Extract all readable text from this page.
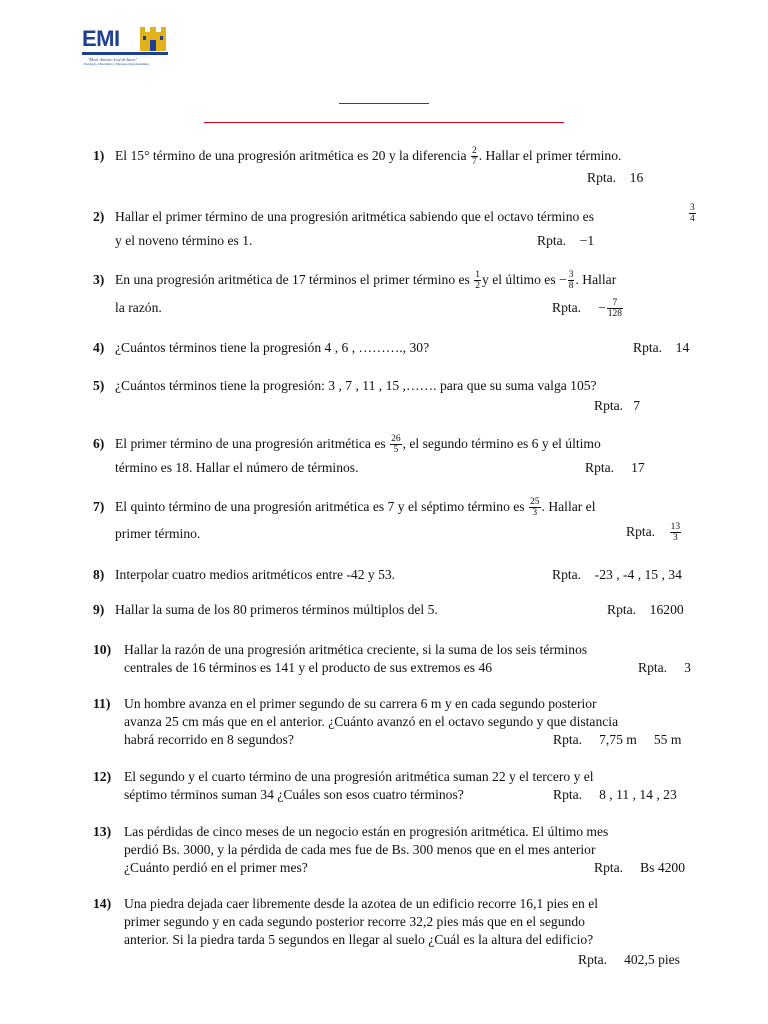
EMI
"Mcal. Antonio José de Sucre"
Prestigio, Disciplina y Mejores Oportunidades
1) El 15° término de una progresión aritmética es 20 y la diferencia $\frac{2}{7}$ . Hallar el primer término.
Rpta. 16
2) Hallar el primer término de una progresión aritmética sabiendo que el octavo término es	$\frac{3}{4}$
y el noveno término es 1.	Rpta. −1
3) En una progresión aritmética de 17 términos el primer término es $\frac{1}{2}$ y el último es − $\frac{3}{8}$ . Hallar
la razón.	Rpta. − $\frac{7}{128}$
4) ¿Cuántos términos tiene la progresión 4 , 6 , ………., 30?	Rpta. 14
5) ¿Cuántos términos tiene la progresión: 3 , 7 , 11 , 15 ,……. para que su suma valga 105?
Rpta. 7
6) El primer término de una progresión aritmética es $\frac{26}{5}$ , el segundo término es 6 y el último
término es 18. Hallar el número de términos.	Rpta. 17
7) El quinto término de una progresión aritmética es 7 y el séptimo término es $\frac{25}{3}$ . Hallar el
primer término.	Rpta. $\frac{13}{3}$
8) Interpolar cuatro medios aritméticos entre -42 y 53.	Rpta. -23 , -4 , 15 , 34
9) Hallar la suma de los 80 primeros términos múltiplos del 5.	Rpta. 16200
10) Hallar la razón de una progresión aritmética creciente, si la suma de los seis términos
centrales de 16 términos es 141 y el producto de sus extremos es 46	Rpta. 3
11) Un hombre avanza en el primer segundo de su carrera 6 m y en cada segundo posterior
avanza 25 cm más que en el anterior. ¿Cuánto avanzó en el octavo segundo y que distancia
habrá recorrido en 8 segundos?	Rpta. 7,75 m     55 m
12) El segundo y el cuarto término de una progresión aritmética suman 22 y el tercero y el
séptimo términos suman 34 ¿Cuáles son esos cuatro términos?	Rpta. 8 , 11 , 14 , 23
13) Las pérdidas de cinco meses de un negocio están en progresión aritmética. El último mes
perdió Bs. 3000, y la pérdida de cada mes fue de Bs. 300 menos que en el mes anterior
¿Cuánto perdió en el primer mes?	Rpta. Bs 4200
14) Una piedra dejada caer libremente desde la azotea de un edificio recorre 16,1 pies en el
primer segundo y en cada segundo posterior recorre 32,2 pies más que en el segundo
anterior. Si la piedra tarda 5 segundos en llegar al suelo ¿Cuál es la altura del edificio?
Rpta. 402,5 pies
